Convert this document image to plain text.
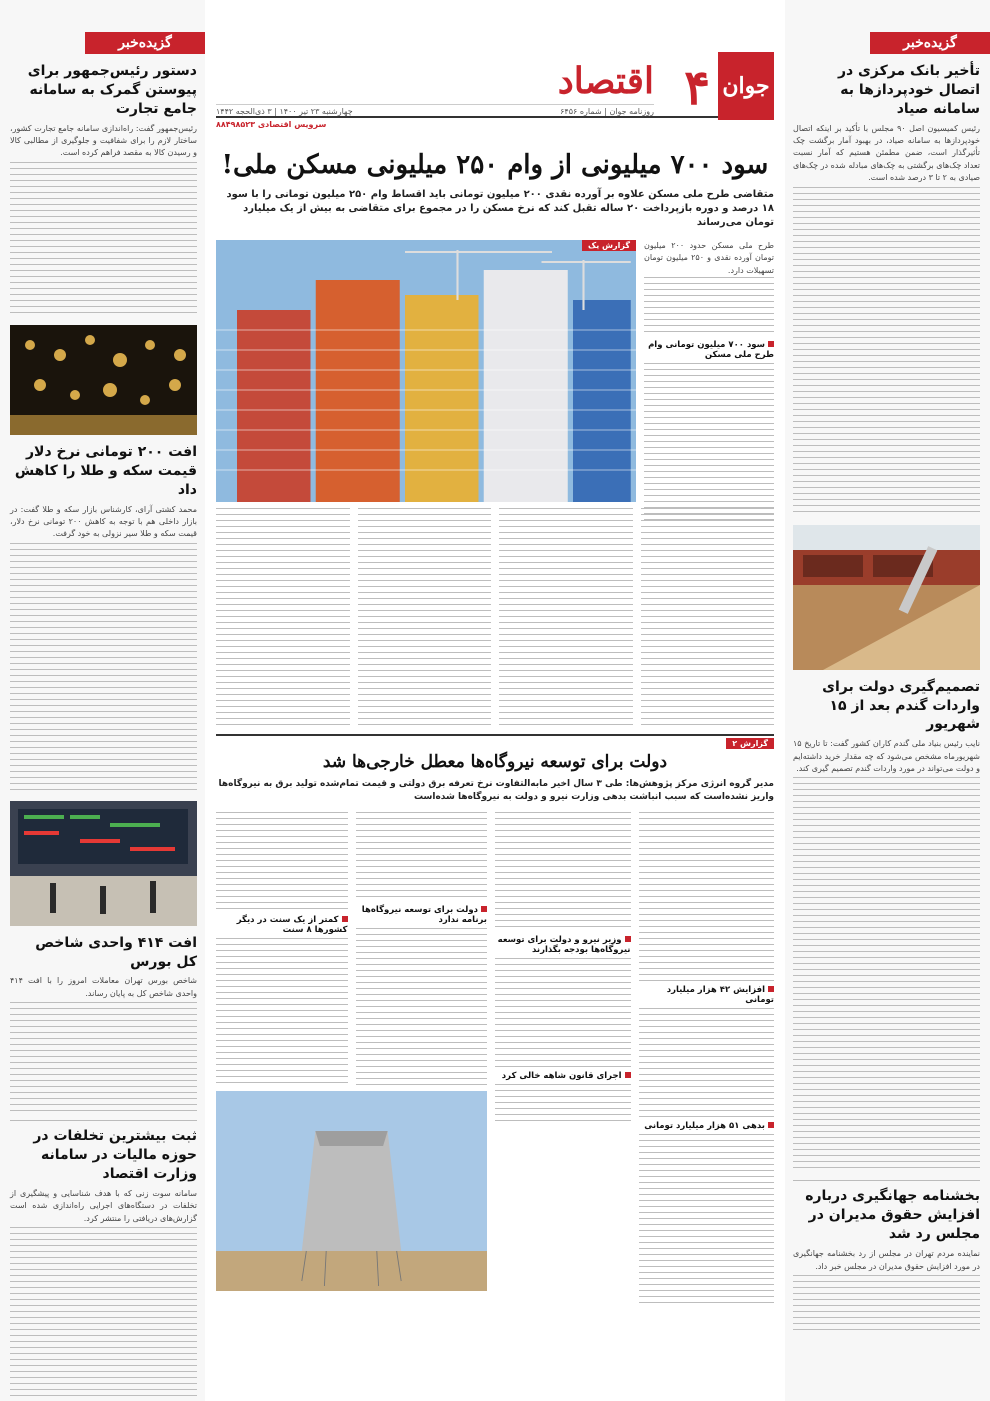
گزیده‌خبر
تأخیر بانک مرکزی در اتصال خودپردازها به سامانه صیاد
رئیس کمیسیون اصل ۹۰ مجلس با تأکید بر اینکه اتصال خودپردازها به سامانه صیاد، در بهبود آمار برگشت چک تأثیرگذار است، ضمن مطمئن هستیم که آمار نسبت تعداد چک‌های برگشتی به چک‌های مبادله شده در چک‌های صیادی به ۲ تا ۳ درصد شده است.
تصمیم‌گیری دولت برای واردات گندم بعد از ۱۵ شهریور
نایب رئیس بنیاد ملی گندم کاران کشور گفت: تا تاریخ ۱۵ شهریورماه مشخص می‌شود که چه مقدار خرید داشته‌ایم و دولت می‌تواند در مورد واردات گندم تصمیم گیری کند.
بخشنامه جهانگیری درباره افزایش حقوق مدیران در مجلس رد شد
نماینده مردم تهران در مجلس از رد بخشنامه جهانگیری در مورد افزایش حقوق مدیران در مجلس خبر داد.
گزیده‌خبر
دستور رئیس‌جمهور برای پیوستن گمرک به سامانه جامع تجارت
رئیس‌جمهور گفت: راه‌اندازی سامانه جامع تجارت کشور، ساختار لازم را برای شفافیت و جلوگیری از مطالبی کالا و رسیدن کالا به مقصد فراهم کرده است.
افت ۲۰۰ تومانی نرخ دلار قیمت سکه و طلا را کاهش داد
محمد کشتی آرای، کارشناس بازار سکه و طلا گفت: در بازار داخلی هم با توجه به کاهش ۲۰۰ تومانی نرخ دلار، قیمت سکه و طلا سیر نزولی به خود گرفت.
افت ۴۱۴ واحدی شاخص کل بورس
شاخص بورس تهران معاملات امروز را با افت ۴۱۴ واحدی شاخص کل به پایان رساند.
ثبت بیشترین تخلفات در حوزه مالیات در سامانه وزارت اقتصاد
سامانه سوت زنی که با هدف شناسایی و پیشگیری از تخلفات در دستگاه‌های اجرایی راه‌اندازی شده است گزارش‌های دریافتی را منتشر کرد.
جوان
۴
اقتصاد
روزنامه جوان | شماره ۶۴۵۶
چهارشنبه ۲۳ تیر ۱۴۰۰ | ۳ ذی‌الحجه ۱۴۴۲
سرویس اقتصادی ۸۸۴۹۸۵۲۳
سود ۷۰۰ میلیونی از وام ۲۵۰ میلیونی مسکن ملی!
متقاضی طرح ملی مسکن علاوه بر آورده نقدی ۲۰۰ میلیون تومانی باید اقساط وام ۲۵۰ میلیون تومانی را با سود ۱۸ درصد و دوره بازپرداخت ۲۰ ساله تقبل کند که نرخ مسکن را در مجموع برای متقاضی به بیش از یک میلیارد تومان می‌رساند
طرح ملی مسکن حدود ۲۰۰ میلیون تومان آورده نقدی و ۲۵۰ میلیون تومان تسهیلات دارد.
سود ۷۰۰ میلیون تومانی وام طرح ملی مسکن
گزارش یک
گزارش ۲
دولت برای توسعه نیروگاه‌ها معطل خارجی‌ها شد
مدیر گروه انرژی مرکز پژوهش‌ها: طی ۳ سال اخیر مابه‌التفاوت نرخ تعرفه برق دولتی و قیمت تمام‌شده تولید برق به نیروگاه‌ها واریز نشده‌است که سبب انباشت بدهی وزارت نیرو و دولت به نیروگاه‌ها شده‌است
افزایش ۴۲ هزار میلیارد تومانی
بدهی ۵۱ هزار میلیارد تومانی
وزیر نیرو و دولت برای توسعه نیروگاه‌ها بودجه بگذارند
اجرای قانون شاهه خالی کرد
دولت برای توسعه نیروگاه‌ها برنامه ندارد
کمتر از یک سنت در دیگر کشورها ۸ سنت
